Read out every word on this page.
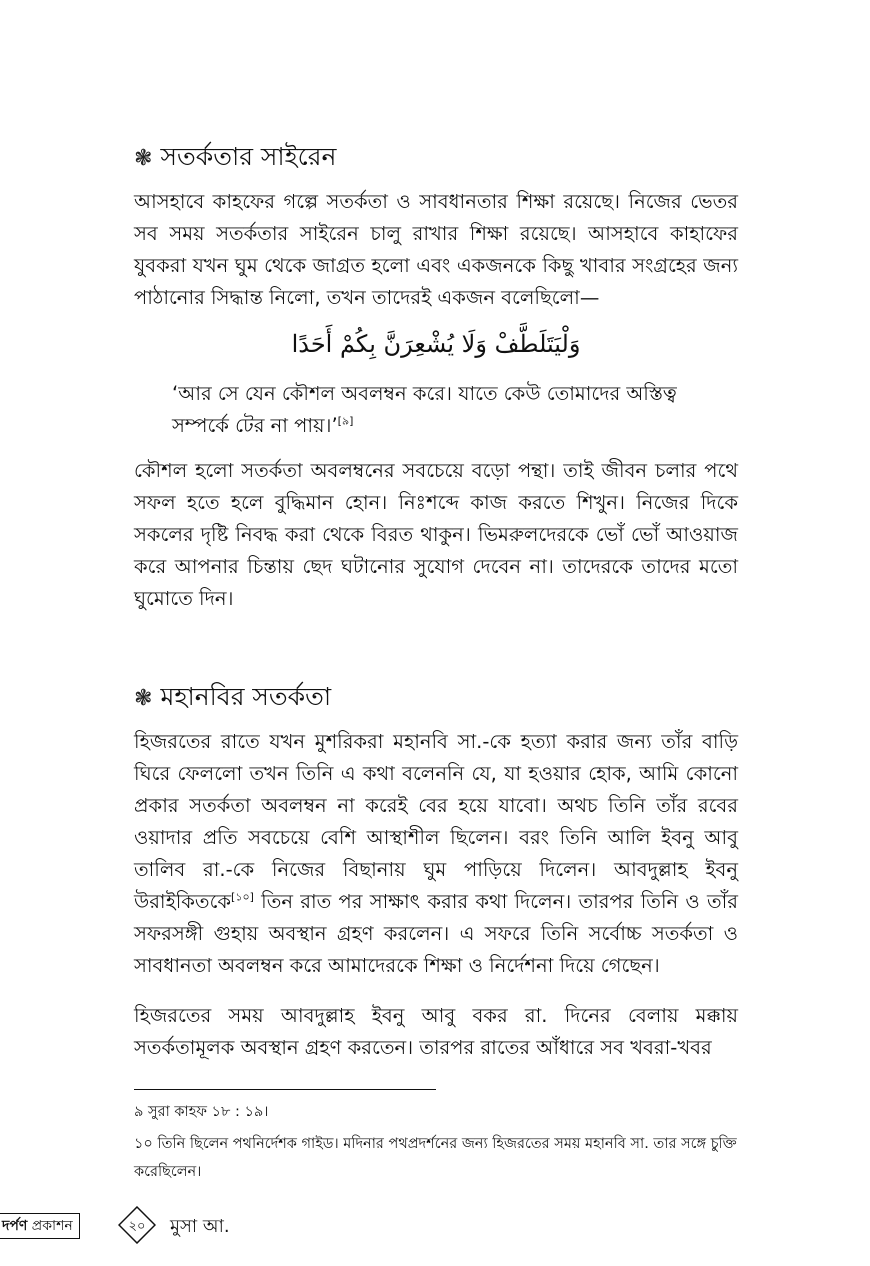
❃ সতর্কতার সাইরেন

আসহাবে কাহফের গল্পে সতর্কতা ও সাবধানতার শিক্ষা রয়েছে। নিজের ভেতর সব সময় সতর্কতার সাইরেন চালু রাখার শিক্ষা রয়েছে। আসহাবে কাহাফের যুবকরা যখন ঘুম থেকে জাগ্রত হলো এবং একজনকে কিছু খাবার সংগ্রহের জন্য পাঠানোর সিদ্ধান্ত নিলো, তখন তাদেরই একজন বলেছিলো—

وَلْيَتَلَطَّفْ وَلَا يُشْعِرَنَّ بِكُمْ أَحَدًا

‘আর সে যেন কৌশল অবলম্বন করে। যাতে কেউ তোমাদের অস্তিত্ব সম্পর্কে টের না পায়।’[৯]

কৌশল হলো সতর্কতা অবলম্বনের সবচেয়ে বড়ো পন্থা। তাই জীবন চলার পথে সফল হতে হলে বুদ্ধিমান হোন। নিঃশব্দে কাজ করতে শিখুন। নিজের দিকে সকলের দৃষ্টি নিবদ্ধ করা থেকে বিরত থাকুন। ভিমরুলদেরকে ভোঁ ভোঁ আওয়াজ করে আপনার চিন্তায় ছেদ ঘটানোর সুযোগ দেবেন না। তাদেরকে তাদের মতো ঘুমোতে দিন।

❃ মহানবির সতর্কতা

হিজরতের রাতে যখন মুশরিকরা মহানবি সা.-কে হত্যা করার জন্য তাঁর বাড়ি ঘিরে ফেললো তখন তিনি এ কথা বলেননি যে, যা হওয়ার হোক, আমি কোনো প্রকার সতর্কতা অবলম্বন না করেই বের হয়ে যাবো। অথচ তিনি তাঁর রবের ওয়াদার প্রতি সবচেয়ে বেশি আস্থাশীল ছিলেন। বরং তিনি আলি ইবনু আবু তালিব রা.-কে নিজের বিছানায় ঘুম পাড়িয়ে দিলেন। আবদুল্লাহ ইবনু উরাইকিতকে[১০] তিন রাত পর সাক্ষাৎ করার কথা দিলেন। তারপর তিনি ও তাঁর সফরসঙ্গী গুহায় অবস্থান গ্রহণ করলেন। এ সফরে তিনি সর্বোচ্চ সতর্কতা ও সাবধানতা অবলম্বন করে আমাদেরকে শিক্ষা ও নির্দেশনা দিয়ে গেছেন।

হিজরতের সময় আবদুল্লাহ ইবনু আবু বকর রা. দিনের বেলায় মক্কায় সতর্কতামূলক অবস্থান গ্রহণ করতেন। তারপর রাতের আঁধারে সব খবরা-খবর

৯ সুরা কাহফ ১৮ : ১৯।

১০ তিনি ছিলেন পথনির্দেশক গাইড। মদিনার পথপ্রদর্শনের জন্য হিজরতের সময় মহানবি সা. তার সঙ্গে চুক্তি করেছিলেন।

দর্পণ
প্রকাশন	২০ মুসা আ.
